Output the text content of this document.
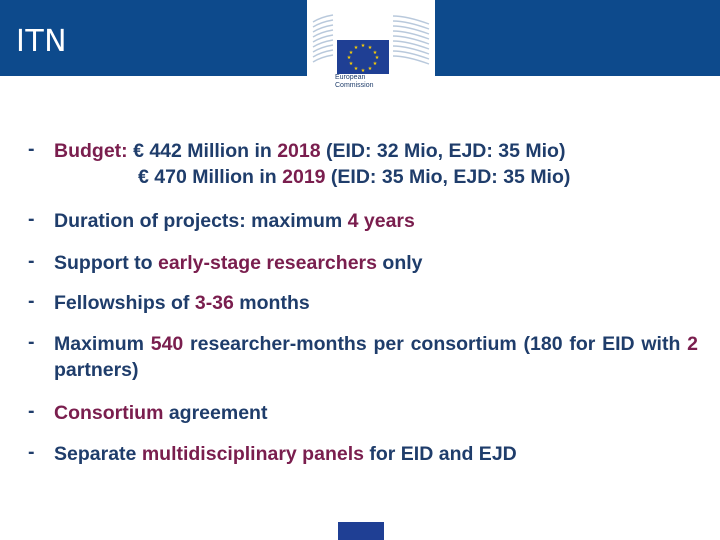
ITN	★ ★
★
★
★
★
★
★
★
★
★
★
European
Commission
-	Budget: € 442 Million in 2018 (EID: 32 Mio, EJD: 35 Mio)
€ 470 Million in 2019 (EID: 35 Mio, EJD: 35 Mio)
-	Duration of projects: maximum 4 years
-	Support to early-stage researchers only
-	Fellowships of 3-36 months
-	Maximum 540 researcher-months per consortium (180 for EID with 2 partners)
-	Consortium agreement
-	Separate multidisciplinary panels for EID and EJD
